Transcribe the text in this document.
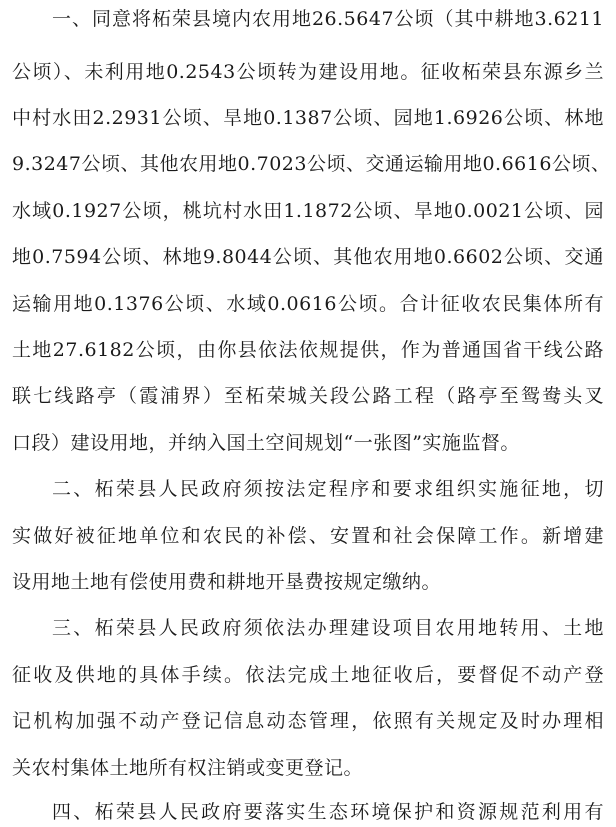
一、同意将柘荣县境内农用地26.5647公顷（其中耕地3.6211
公顷）、未利用地0.2543公顷转为建设用地。征收柘荣县东源乡兰
中村水田2.2931公顷、旱地0.1387公顷、园地1.6926公顷、林地
9.3247公顷、其他农用地0.7023公顷、交通运输用地0.6616公顷、
水域0.1927公顷，桃坑村水田1.1872公顷、旱地0.0021公顷、园
地0.7594公顷、林地9.8044公顷、其他农用地0.6602公顷、交通
运输用地0.1376公顷、水域0.0616公顷。合计征收农民集体所有
土地27.6182公顷，由你县依法依规提供，作为普通国省干线公路
联七线路亭（霞浦界）至柘荣城关段公路工程（路亭至鸳鸯头叉
口段）建设用地，并纳入国土空间规划“一张图”实施监督。
二、柘荣县人民政府须按法定程序和要求组织实施征地，切
实做好被征地单位和农民的补偿、安置和社会保障工作。新增建
设用地土地有偿使用费和耕地开垦费按规定缴纳。
三、柘荣县人民政府须依法办理建设项目农用地转用、土地
征收及供地的具体手续。依法完成土地征收后，要督促不动产登
记机构加强不动产登记信息动态管理，依照有关规定及时办理相
关农村集体土地所有权注销或变更登记。
四、柘荣县人民政府要落实生态环境保护和资源规范利用有
